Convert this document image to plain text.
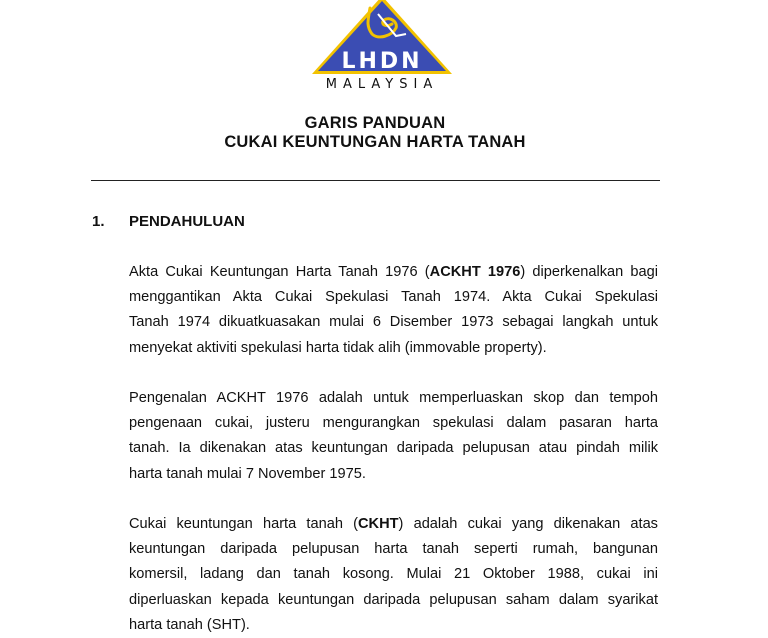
LHDN
MALAYSIA
GARIS PANDUAN
CUKAI KEUNTUNGAN HARTA TANAH
1. PENDAHULUAN
Akta Cukai Keuntungan Harta Tanah 1976 (ACKHT 1976) diperkenalkan bagi
menggantikan Akta Cukai Spekulasi Tanah 1974. Akta Cukai Spekulasi
Tanah 1974 dikuatkuasakan mulai 6 Disember 1973 sebagai langkah untuk
menyekat aktiviti spekulasi harta tidak alih (immovable property).
Pengenalan ACKHT 1976 adalah untuk memperluaskan skop dan tempoh
pengenaan cukai, justeru mengurangkan spekulasi dalam pasaran harta
tanah. Ia dikenakan atas keuntungan daripada pelupusan atau pindah milik
harta tanah mulai 7 November 1975.
Cukai keuntungan harta tanah (CKHT) adalah cukai yang dikenakan atas
keuntungan daripada pelupusan harta tanah seperti rumah, bangunan
komersil, ladang dan tanah kosong. Mulai 21 Oktober 1988, cukai ini
diperluaskan kepada keuntungan daripada pelupusan saham dalam syarikat
harta tanah (SHT).
